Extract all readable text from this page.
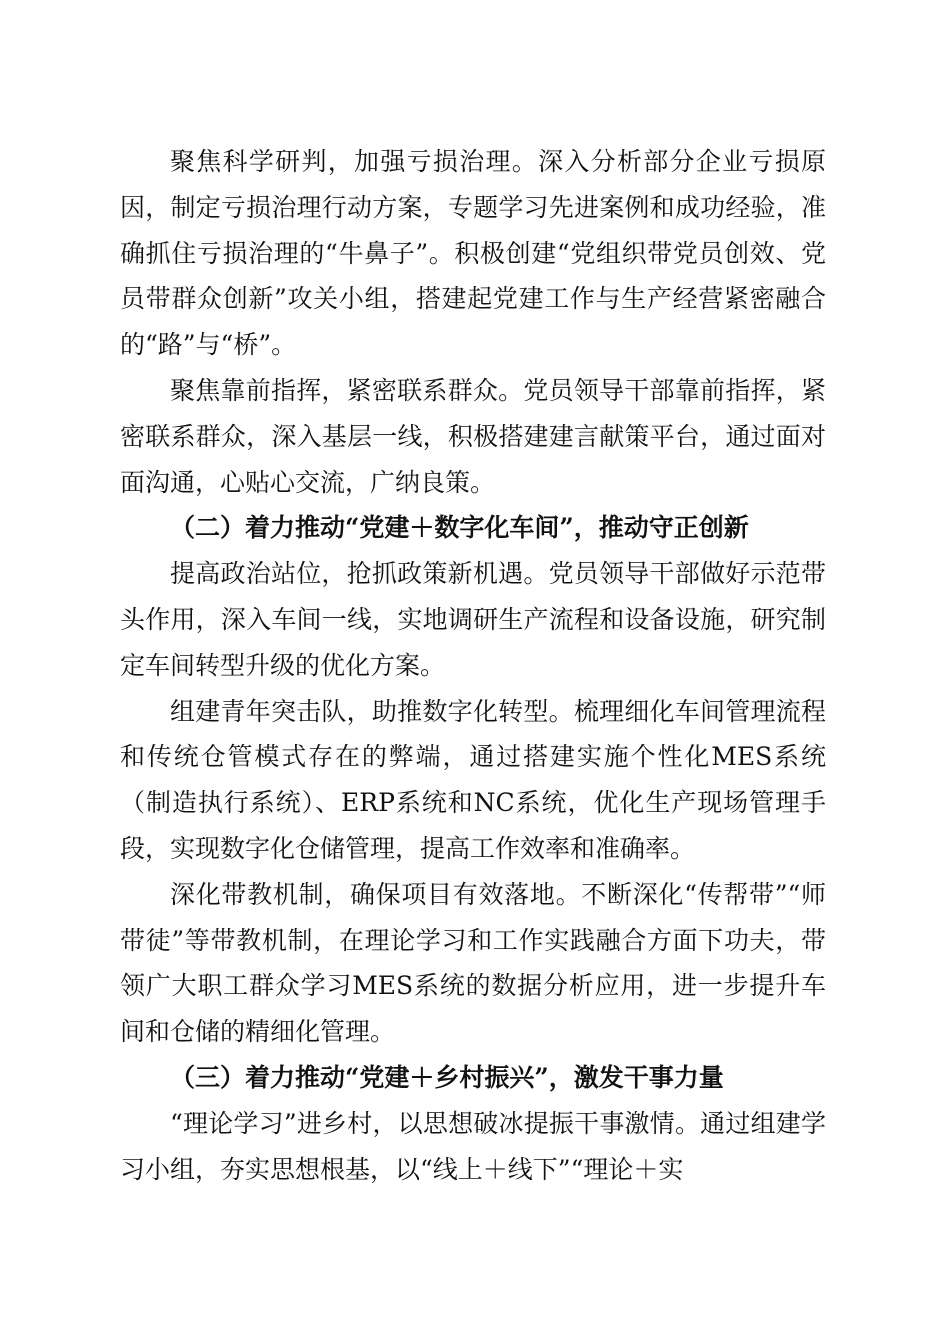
聚焦科学研判，加强亏损治理。深入分析部分企业亏损原因，制定亏损治理行动方案，专题学习先进案例和成功经验，准确抓住亏损治理的“牛鼻子”。积极创建“党组织带党员创效、党员带群众创新”攻关小组，搭建起党建工作与生产经营紧密融合的“路”与“桥”。

聚焦靠前指挥，紧密联系群众。党员领导干部靠前指挥，紧密联系群众，深入基层一线，积极搭建建言献策平台，通过面对面沟通，心贴心交流，广纳良策。

（二）着力推动“党建＋数字化车间”，推动守正创新

提高政治站位，抢抓政策新机遇。党员领导干部做好示范带头作用，深入车间一线，实地调研生产流程和设备设施，研究制定车间转型升级的优化方案。

组建青年突击队，助推数字化转型。梳理细化车间管理流程和传统仓管模式存在的弊端，通过搭建实施个性化MES系统（制造执行系统）、ERP系统和NC系统，优化生产现场管理手段，实现数字化仓储管理，提高工作效率和准确率。

深化带教机制，确保项目有效落地。不断深化“传帮带”“师带徒”等带教机制，在理论学习和工作实践融合方面下功夫，带领广大职工群众学习MES系统的数据分析应用，进一步提升车间和仓储的精细化管理。

（三）着力推动“党建＋乡村振兴”，激发干事力量

“理论学习”进乡村，以思想破冰提振干事激情。通过组建学习小组，夯实思想根基，以“线上＋线下”“理论＋实
